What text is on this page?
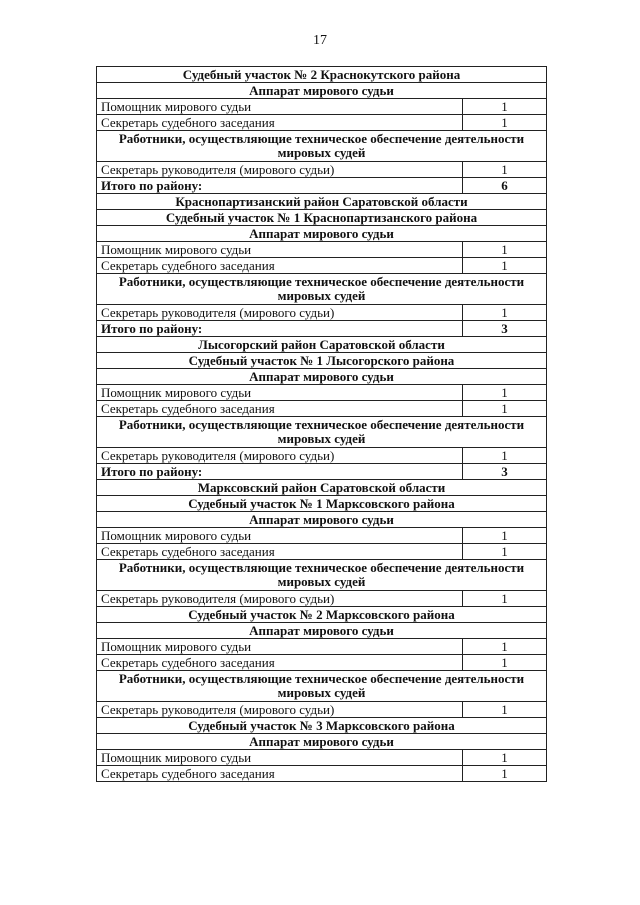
17
Судебный участок № 2 Краснокутского района	
Аппарат мирового судьи	
Помощник мирового судьи	1
Секретарь судебного заседания	1
Работники, осуществляющие техническое обеспечение деятельности мировых судей	
Секретарь руководителя (мирового судьи)	1
Итого по району:	6
Краснопартизанский район Саратовской области	
Судебный участок № 1 Краснопартизанского района	
Аппарат мирового судьи	
Помощник мирового судьи	1
Секретарь судебного заседания	1
Работники, осуществляющие техническое обеспечение деятельности мировых судей	
Секретарь руководителя (мирового судьи)	1
Итого по району:	3
Лысогорский район Саратовской области	
Судебный участок № 1 Лысогорского района	
Аппарат мирового судьи	
Помощник мирового судьи	1
Секретарь судебного заседания	1
Работники, осуществляющие техническое обеспечение деятельности мировых судей	
Секретарь руководителя (мирового судьи)	1
Итого по району:	3
Марксовский район Саратовской области	
Судебный участок № 1 Марксовского района	
Аппарат мирового судьи	
Помощник мирового судьи	1
Секретарь судебного заседания	1
Работники, осуществляющие техническое обеспечение деятельности мировых судей	
Секретарь руководителя (мирового судьи)	1
Судебный участок № 2 Марксовского района	
Аппарат мирового судьи	
Помощник мирового судьи	1
Секретарь судебного заседания	1
Работники, осуществляющие техническое обеспечение деятельности мировых судей	
Секретарь руководителя (мирового судьи)	1
Судебный участок № 3 Марксовского района	
Аппарат мирового судьи	
Помощник мирового судьи	1
Секретарь судебного заседания	1
